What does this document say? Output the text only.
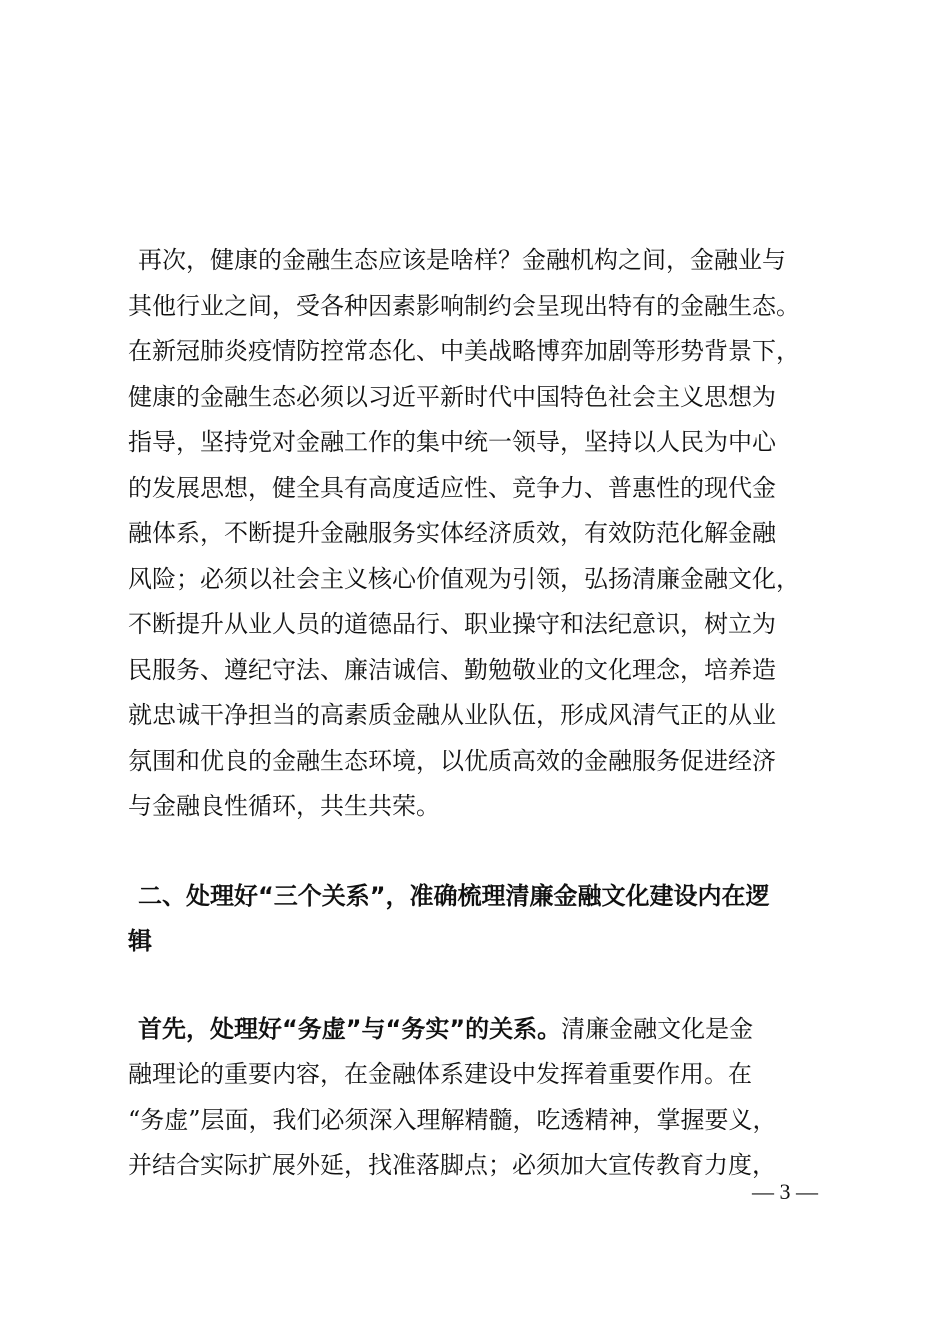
再次，健康的金融生态应该是啥样？金融机构之间，金融业与
其他行业之间，受各种因素影响制约会呈现出特有的金融生态。
在新冠肺炎疫情防控常态化、中美战略博弈加剧等形势背景下，
健康的金融生态必须以习近平新时代中国特色社会主义思想为
指导，坚持党对金融工作的集中统一领导，坚持以人民为中心
的发展思想，健全具有高度适应性、竞争力、普惠性的现代金
融体系，不断提升金融服务实体经济质效，有效防范化解金融
风险；必须以社会主义核心价值观为引领，弘扬清廉金融文化，
不断提升从业人员的道德品行、职业操守和法纪意识，树立为
民服务、遵纪守法、廉洁诚信、勤勉敬业的文化理念，培养造
就忠诚干净担当的高素质金融从业队伍，形成风清气正的从业
氛围和优良的金融生态环境，以优质高效的金融服务促进经济
与金融良性循环，共生共荣。
二、处理好“三个关系”，准确梳理清廉金融文化建设内在逻
辑
首先，处理好“务虚”与“务实”的关系。清廉金融文化是金
融理论的重要内容，在金融体系建设中发挥着重要作用。在
“务虚”层面，我们必须深入理解精髓，吃透精神，掌握要义，
并结合实际扩展外延，找准落脚点；必须加大宣传教育力度，
— 3 —
